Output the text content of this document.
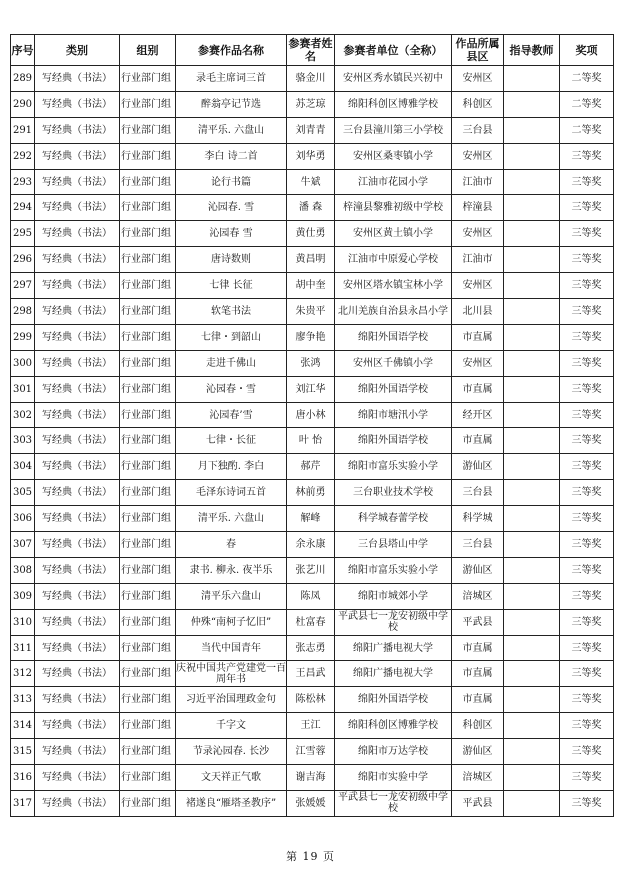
序号	类别	组别	参赛作品名称	参赛者姓名	参赛者单位（全称）	作品所属县区	指导教师	奖项
289	写经典（书法）	行业部门组	录毛主席词三首	骆金川	安州区秀水镇民兴初中	安州区		二等奖
290	写经典（书法）	行业部门组	醉翁亭记节选	苏芝琼	绵阳科创区博雅学校	科创区		二等奖
291	写经典（书法）	行业部门组	清平乐. 六盘山	刘青青	三台县潼川第三小学校	三台县		二等奖
292	写经典（书法）	行业部门组	李白 诗二首	刘华勇	安州区桑枣镇小学	安州区		三等奖
293	写经典（书法）	行业部门组	论行书篇	牛斌	江油市花园小学	江油市		三等奖
294	写经典（书法）	行业部门组	沁园春. 雪	潘 森	梓潼县黎雅初级中学校	梓潼县		三等奖
295	写经典（书法）	行业部门组	沁园春 雪	黄仕勇	安州区黄土镇小学	安州区		三等奖
296	写经典（书法）	行业部门组	唐诗数则	黄昌明	江油市中原爱心学校	江油市		三等奖
297	写经典（书法）	行业部门组	七律 长征	胡中奎	安州区塔水镇宝林小学	安州区		三等奖
298	写经典（书法）	行业部门组	软笔书法	朱贵平	北川羌族自治县永昌小学	北川县		三等奖
299	写经典（书法）	行业部门组	七律・到韶山	廖争艳	绵阳外国语学校	市直属		三等奖
300	写经典（书法）	行业部门组	走进千佛山	张鸿	安州区千佛镇小学	安州区		三等奖
301	写经典（书法）	行业部门组	沁园春・雪	刘江华	绵阳外国语学校	市直属		三等奖
302	写经典（书法）	行业部门组	沁园春’雪	唐小林	绵阳市塘汛小学	经开区		三等奖
303	写经典（书法）	行业部门组	七律・长征	叶 怡	绵阳外国语学校	市直属		三等奖
304	写经典（书法）	行业部门组	月下独酌. 李白	郝芹	绵阳市富乐实验小学	游仙区		三等奖
305	写经典（书法）	行业部门组	毛泽东诗词五首	林前勇	三台职业技术学校	三台县		三等奖
306	写经典（书法）	行业部门组	清平乐. 六盘山	解峰	科学城春蕾学校	科学城		三等奖
307	写经典（书法）	行业部门组	春	余永康	三台县塔山中学	三台县		三等奖
308	写经典（书法）	行业部门组	隶书. 柳永. 夜半乐	张艺川	绵阳市富乐实验小学	游仙区		三等奖
309	写经典（书法）	行业部门组	清平乐六盘山	陈凤	绵阳市城郊小学	涪城区		三等奖
310	写经典（书法）	行业部门组	仲殊“南柯子忆旧”	杜富春	平武县七一龙安初级中学校	平武县		三等奖
311	写经典（书法）	行业部门组	当代中国青年	张志勇	绵阳广播电视大学	市直属		三等奖
312	写经典（书法）	行业部门组	庆祝中国共产党建党一百周年书	王昌武	绵阳广播电视大学	市直属		三等奖
313	写经典（书法）	行业部门组	习近平治国理政金句	陈松林	绵阳外国语学校	市直属		三等奖
314	写经典（书法）	行业部门组	千字文	王江	绵阳科创区博雅学校	科创区		三等奖
315	写经典（书法）	行业部门组	节录沁园春. 长沙	江雪蓉	绵阳市万达学校	游仙区		三等奖
316	写经典（书法）	行业部门组	文天祥正气歌	谢吉海	绵阳市实验中学	涪城区		三等奖
317	写经典（书法）	行业部门组	褚遂良“雁塔圣教序”	张媛媛	平武县七一龙安初级中学校	平武县		三等奖
第 19 页
